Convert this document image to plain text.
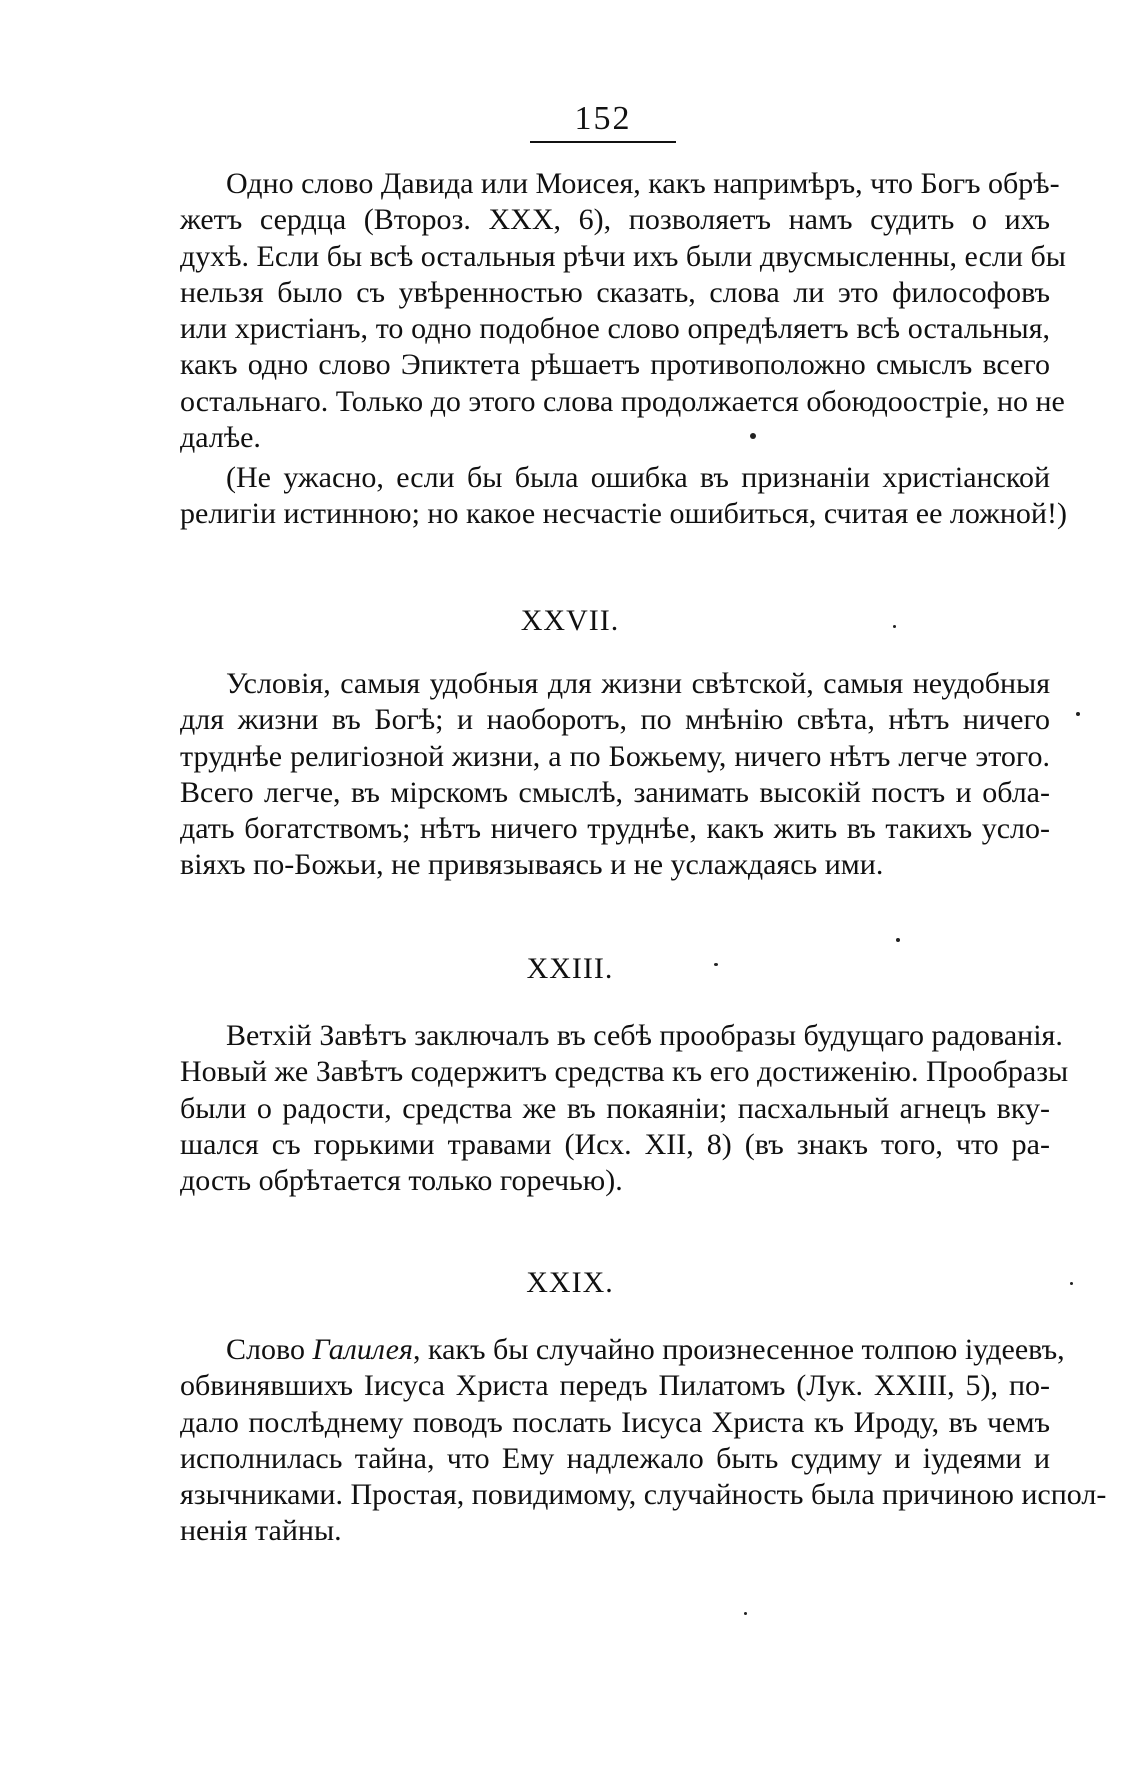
152
Одно слово Давида или Моисея, какъ напримѣръ, что Богъ обрѣ-
жетъ сердца (Второз. XXX, 6), позволяетъ намъ судить о ихъ
духѣ. Если бы всѣ остальныя рѣчи ихъ были двусмысленны, если бы
нельзя было съ увѣренностью сказать, слова ли это философовъ
или христіанъ, то одно подобное слово опредѣляетъ всѣ остальныя,
какъ одно слово Эпиктета рѣшаетъ противоположно смыслъ всего
остальнаго. Только до этого слова продолжается обоюдоостріе, но не
далѣе.
(Не ужасно, если бы была ошибка въ признаніи христіанской
религіи истинною; но какое несчастіе ошибиться, считая ее ложной!)
XXVII.
Условія, самыя удобныя для жизни свѣтской, самыя неудобныя
для жизни въ Богѣ; и наоборотъ, по мнѣнію свѣта, нѣтъ ничего
труднѣе религіозной жизни, а по Божьему, ничего нѣтъ легче этого.
Всего легче, въ мірскомъ смыслѣ, занимать высокій постъ и обла-
дать богатствомъ; нѣтъ ничего труднѣе, какъ жить въ такихъ усло-
віяхъ по-Божьи, не привязываясь и не услаждаясь ими.
XXIII.
Ветхій Завѣтъ заключалъ въ себѣ прообразы будущаго радованія.
Новый же Завѣтъ содержитъ средства къ его достиженію. Прообразы
были о радости, средства же въ покаяніи; пасхальный агнецъ вку-
шался съ горькими травами (Исх. XII, 8) (въ знакъ того, что ра-
дость обрѣтается только горечью).
XXIX.
Слово Галилея, какъ бы случайно произнесенное толпою іудеевъ,
обвинявшихъ Іисуса Христа передъ Пилатомъ (Лук. XXIII, 5), по-
дало послѣднему поводъ послать Іисуса Христа къ Ироду, въ чемъ
исполнилась тайна, что Ему надлежало быть судиму и іудеями и
язычниками. Простая, повидимому, случайность была причиною испол-
ненія тайны.
